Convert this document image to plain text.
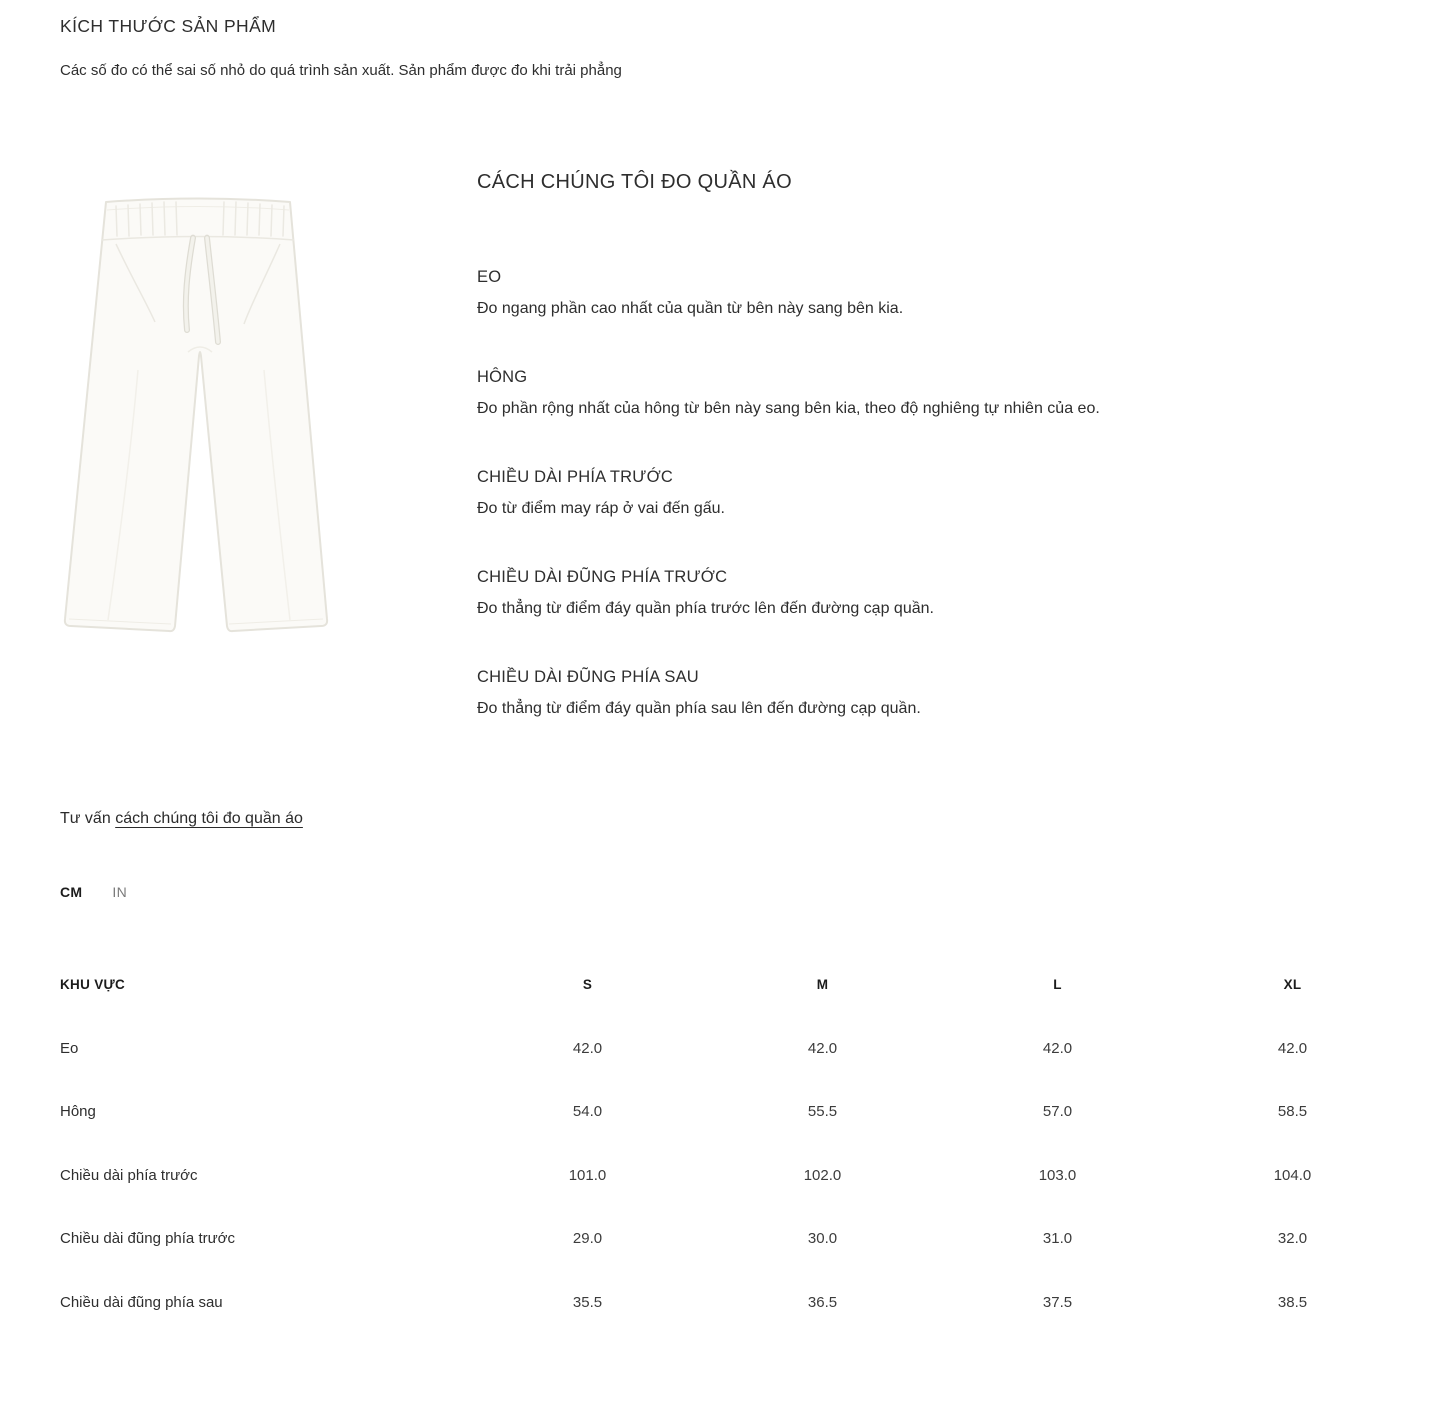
KÍCH THƯỚC SẢN PHẨM

Các số đo có thể sai số nhỏ do quá trình sản xuất. Sản phẩm được đo khi trải phẳng

CÁCH CHÚNG TÔI ĐO QUẦN ÁO
EO

Đo ngang phần cao nhất của quần từ bên này sang bên kia.

HÔNG

Đo phần rộng nhất của hông từ bên này sang bên kia, theo độ nghiêng tự nhiên của eo.

CHIỀU DÀI PHÍA TRƯỚC

Đo từ điểm may ráp ở vai đến gấu.

CHIỀU DÀI ĐŨNG PHÍA TRƯỚC

Đo thẳng từ điểm đáy quần phía trước lên đến đường cạp quần.

CHIỀU DÀI ĐŨNG PHÍA SAU

Đo thẳng từ điểm đáy quần phía sau lên đến đường cạp quần.

Tư vấn cách chúng tôi đo quần áo

CM IN
KHU VỰC	S	M	L	XL
Eo	42.0	42.0	42.0	42.0
Hông	54.0	55.5	57.0	58.5
Chiều dài phía trước	101.0	102.0	103.0	104.0
Chiều dài đũng phía trước	29.0	30.0	31.0	32.0
Chiều dài đũng phía sau	35.5	36.5	37.5	38.5
